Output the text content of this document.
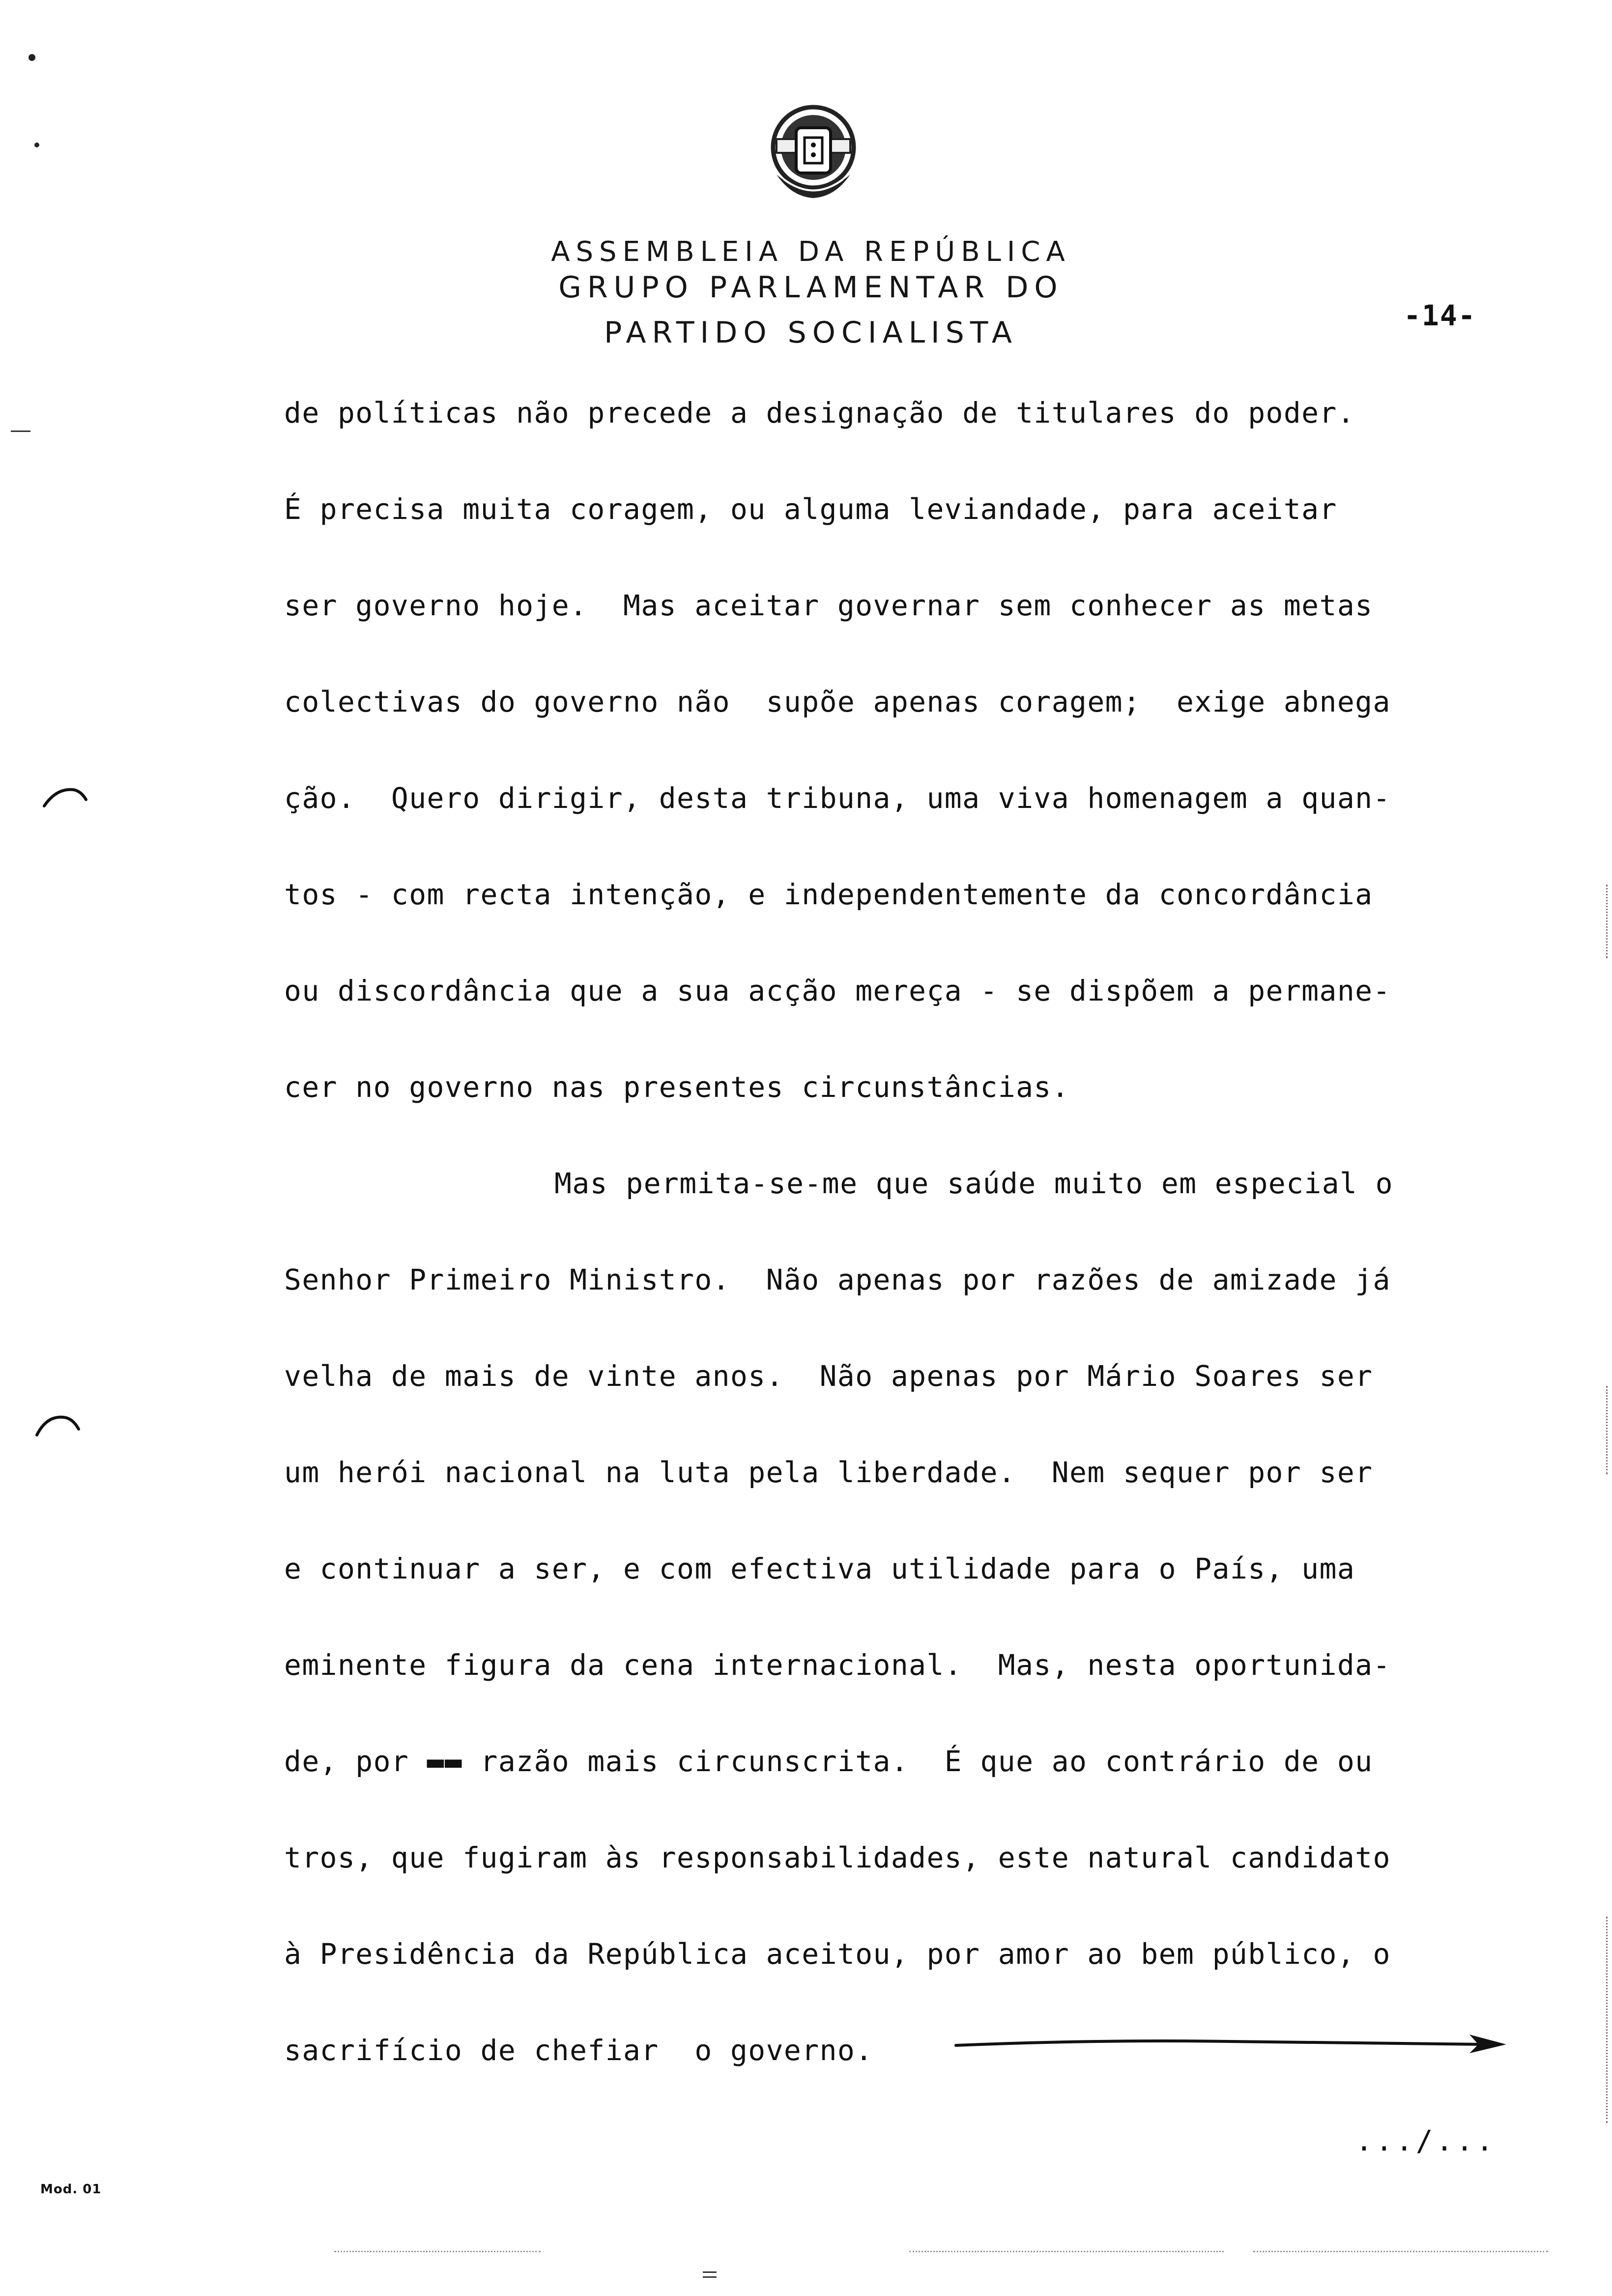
ASSEMBLEIA DA REPÚBLICA
GRUPO PARLAMENTAR DO
PARTIDO SOCIALISTA	-14-
de políticas não precede a designação de titulares do poder.
É precisa muita coragem, ou alguma leviandade, para aceitar
ser governo hoje.  Mas aceitar governar sem conhecer as metas
colectivas do governo não  supõe apenas coragem;  exige abnega
ção.  Quero dirigir, desta tribuna, uma viva homenagem a quan-
tos - com recta intenção, e independentemente da concordância
ou discordância que a sua acção mereça - se dispõem a permane-
cer no governo nas presentes circunstâncias.
Mas permita-se-me que saúde muito em especial o
Senhor Primeiro Ministro.  Não apenas por razões de amizade já
velha de mais de vinte anos.  Não apenas por Mário Soares ser
um herói nacional na luta pela liberdade.  Nem sequer por ser
e continuar a ser, e com efectiva utilidade para o País, uma
eminente figura da cena internacional.  Mas, nesta oportunida-
de, por ▬▬ razão mais circunscrita.  É que ao contrário de ou
tros, que fugiram às responsabilidades, este natural candidato
à Presidência da República aceitou, por amor ao bem público, o
sacrifício de chefiar  o governo.
.../...
Mod. 01
